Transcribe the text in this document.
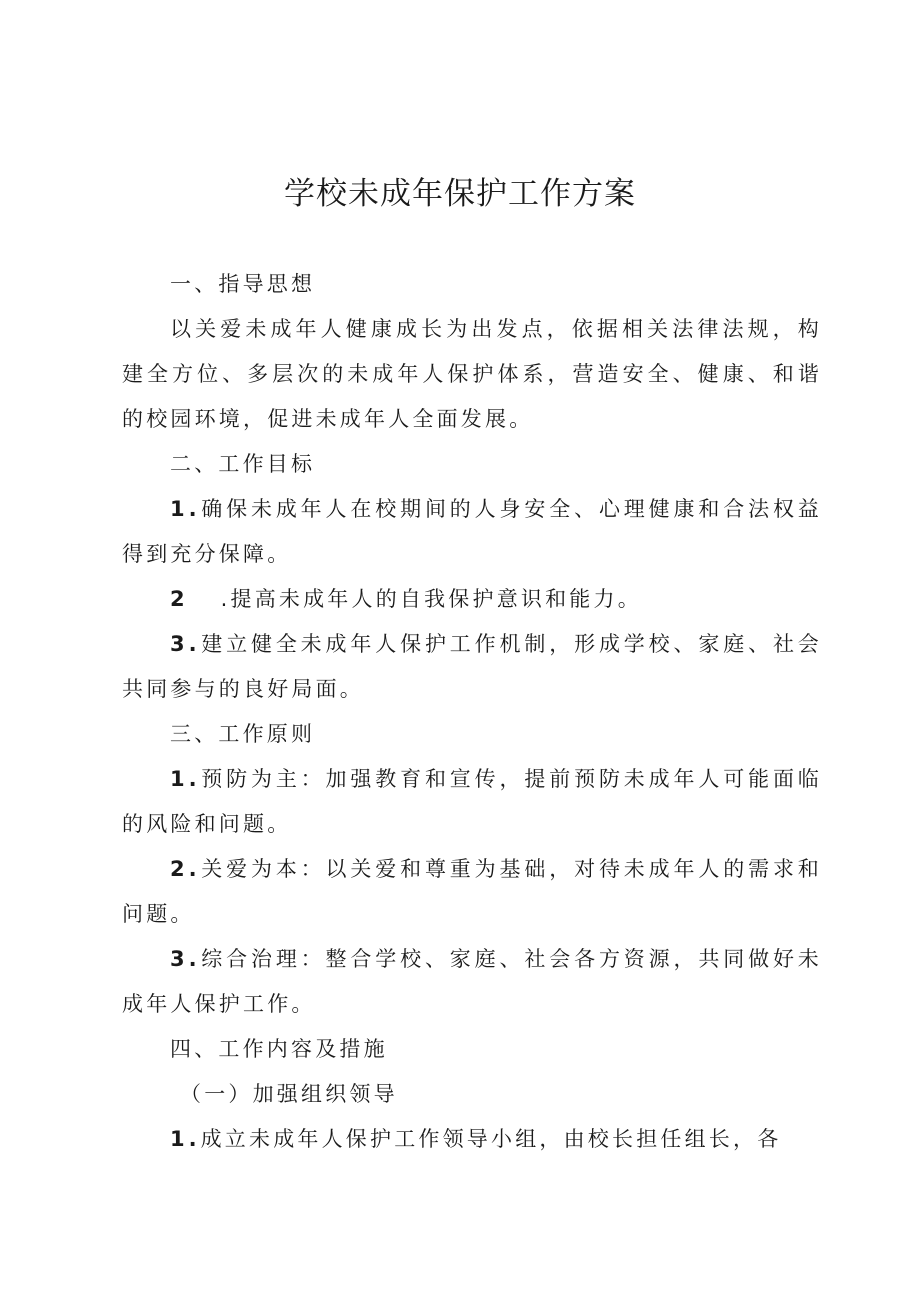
学校未成年保护工作方案

一、指导思想

以关爱未成年人健康成长为出发点，依据相关法律法规，构建全方位、多层次的未成年人保护体系，营造安全、健康、和谐的校园环境，促进未成年人全面发展。

二、工作目标

1.确保未成年人在校期间的人身安全、心理健康和合法权益得到充分保障。

2 .提高未成年人的自我保护意识和能力。

3.建立健全未成年人保护工作机制，形成学校、家庭、社会共同参与的良好局面。

三、工作原则

1.预防为主：加强教育和宣传，提前预防未成年人可能面临的风险和问题。

2.关爱为本：以关爱和尊重为基础，对待未成年人的需求和问题。

3.综合治理：整合学校、家庭、社会各方资源，共同做好未成年人保护工作。

四、工作内容及措施

（一）加强组织领导

1.成立未成年人保护工作领导小组，由校长担任组长，各
